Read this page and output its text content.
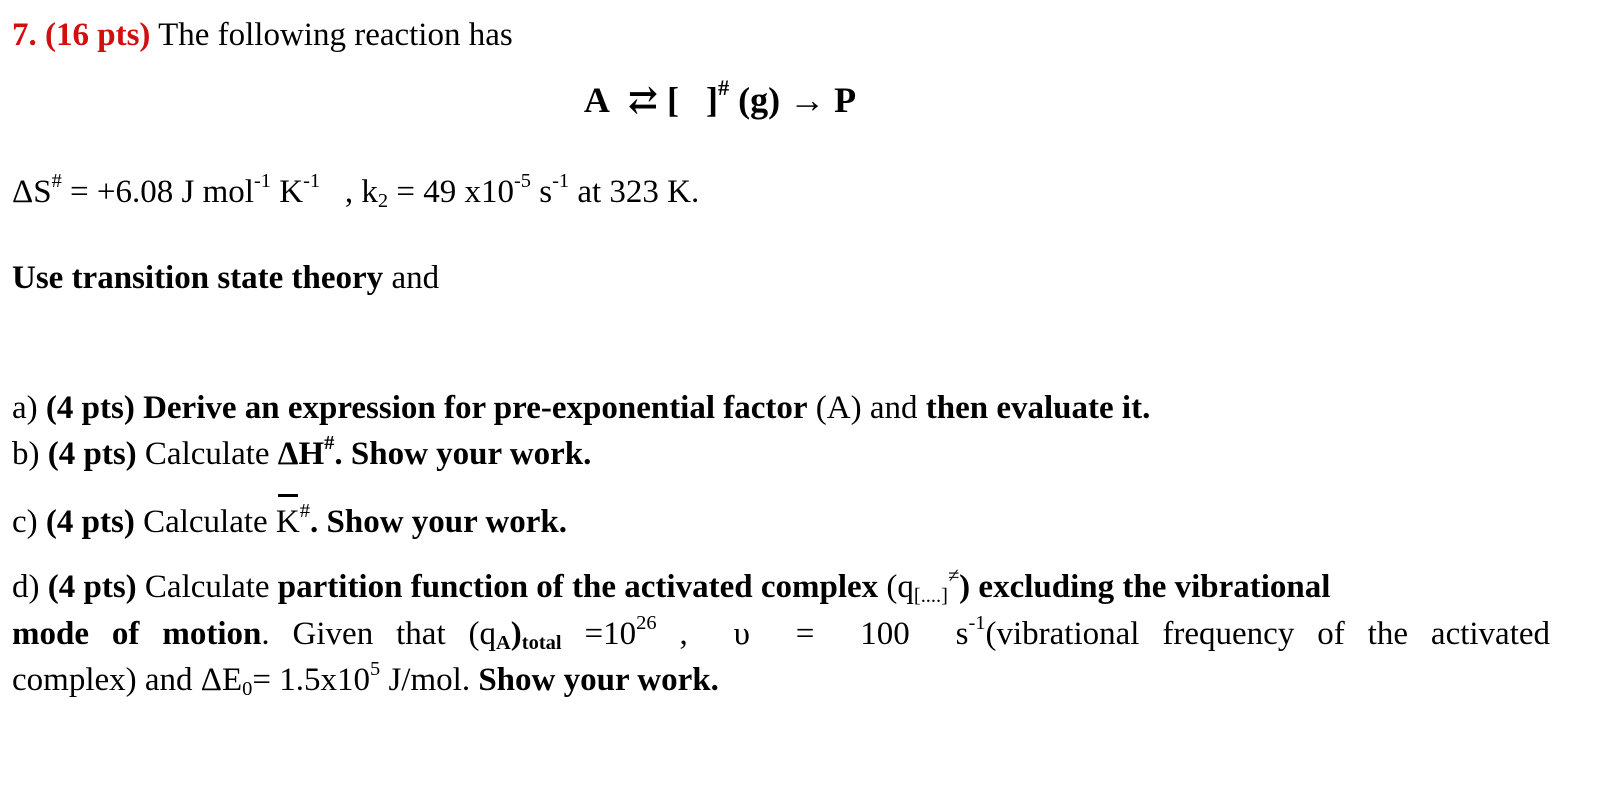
7. (16 pts) The following reaction has
A ⇄ [   ]# (g) → P
ΔS# = +6.08 J mol$^{-1}$ $K^{-1}$   , $k_2 = 49$ $x10^{-5}$ $s^{-1}$ at 323 K.
Use transition state theory and
a) (4 pts) Derive an expression for pre-exponential factor (A) and then evaluate it.
b) (4 pts) Calculate ΔH#. Show your work.
c) (4 pts) Calculate K#. Show your work.
d) (4 pts) Calculate partition function of the activated complex $(q_{[....]}^\ne)$ excluding the vibrational
mode of motion. Given that $(q_A)_{total} =10^{26}$ ,  υ  =  100  $s^{-1}(vibrational$ frequency of the activated
complex) and $\Delta E_0= 1.5x10^5$ J/mol. Show your work.
